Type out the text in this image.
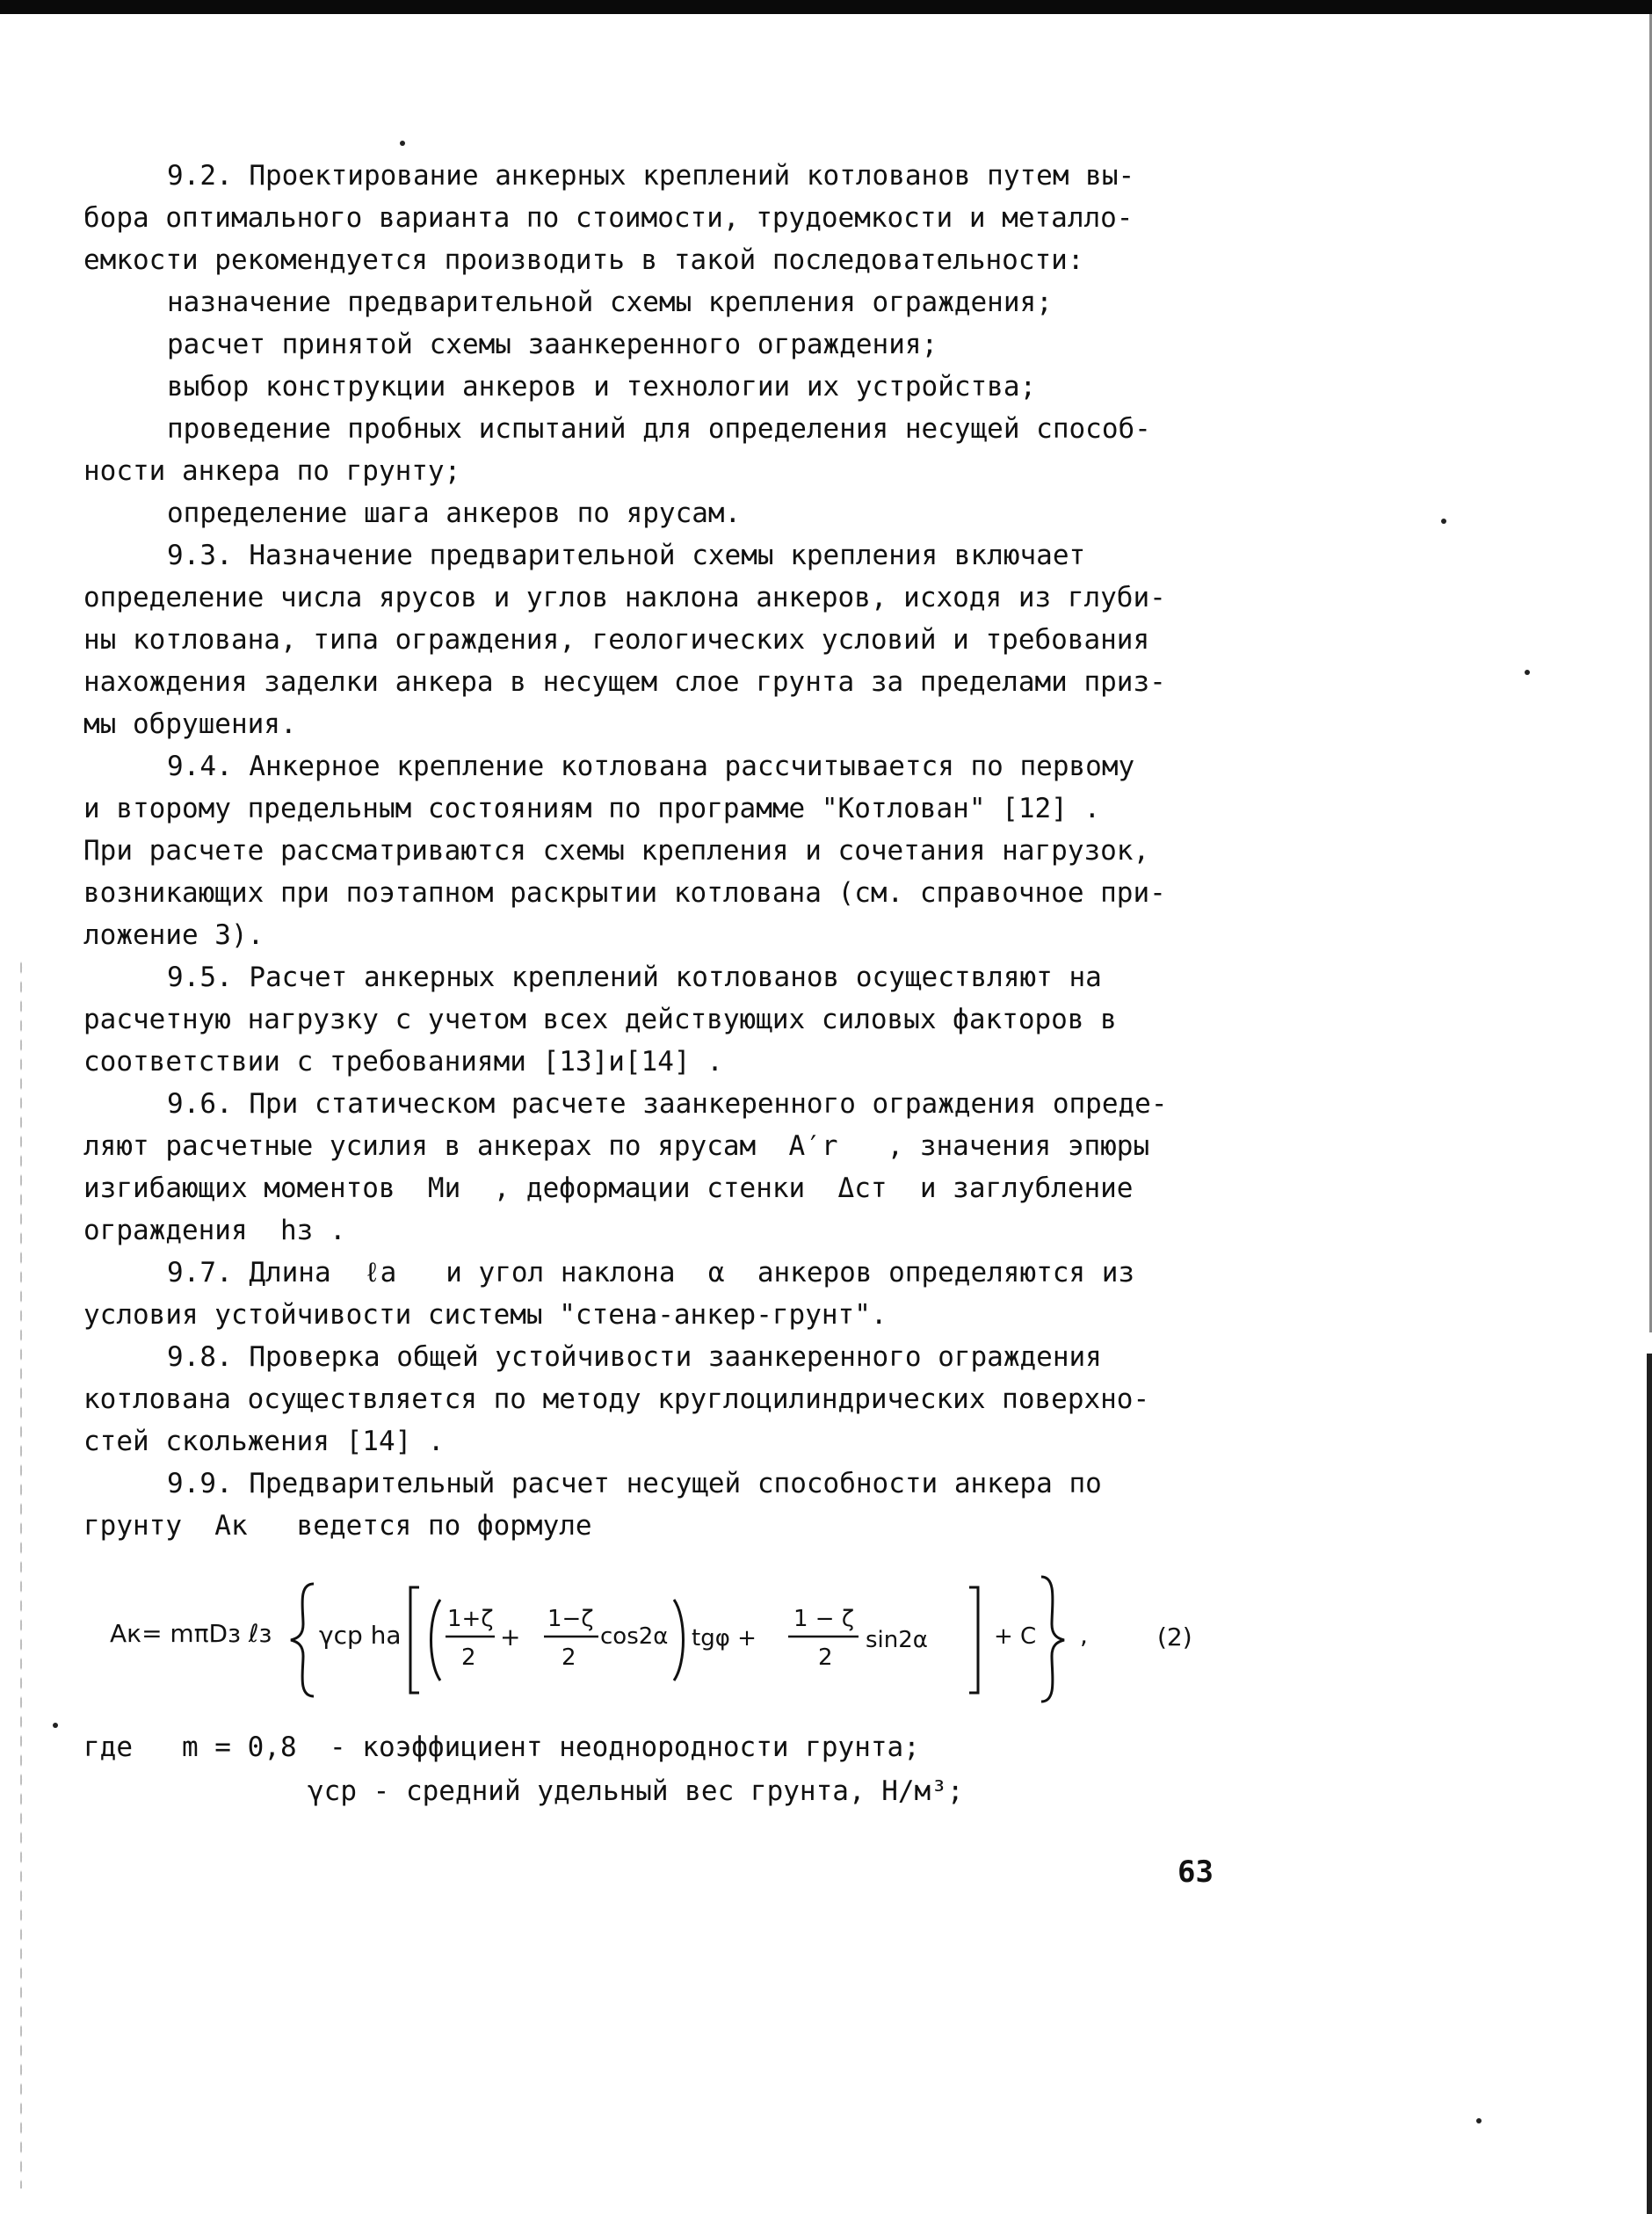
9.2. Проектирование анкерных креплений котлованов путем вы-
бора оптимального варианта по стоимости, трудоемкости и металло-
емкости рекомендуется производить в такой последовательности:
назначение предварительной схемы крепления ограждения;
расчет принятой схемы заанкеренного ограждения;
выбор конструкции анкеров и технологии их устройства;
проведение пробных испытаний для определения несущей способ-
ности анкера по грунту;
определение шага анкеров по ярусам.
9.3. Назначение предварительной схемы крепления включает
определение числа ярусов и углов наклона анкеров, исходя из глуби-
ны котлована, типа ограждения, геологических условий и требования
нахождения заделки анкера в несущем слое грунта за пределами приз-
мы обрушения.
9.4. Анкерное крепление котлована рассчитывается по первому
и второму предельным состояниям по программе "Котлован" [12] .
При расчете рассматриваются схемы крепления и сочетания нагрузок,
возникающих при поэтапном раскрытии котлована (см. справочное при-
ложение 3).
9.5. Расчет анкерных креплений котлованов осуществляют на
расчетную нагрузку с учетом всех действующих силовых факторов в
соответствии с требованиями [13]и[14] .
9.6. При статическом расчете заанкеренного ограждения опреде-
ляют расчетные усилия в анкерах по ярусам  A′r   , значения эпюры
изгибающих моментов  Mи  , деформации стенки  Δст  и заглубление
ограждения  hз .
9.7. Длина  ℓa   и угол наклона  α  анкеров определяются из
условия устойчивости системы "стена-анкер-грунт".
9.8. Проверка общей устойчивости заанкеренного ограждения
котлована осуществляется по методу круглоцилиндрических поверхно-
стей скольжения [14] .
9.9. Предварительный расчет несущей способности анкера по
грунту  Aк   ведется по формуле
где   m = 0,8  - коэффициент неоднородности грунта;
γср - средний удельный вес грунта, Н/м³;
Aк= mπDз ℓз γср hа
1+ζ
2
+
1−ζ
2
cos2α tgφ +
1 − ζ
2
sin2α	+ C ,	(2)
63
